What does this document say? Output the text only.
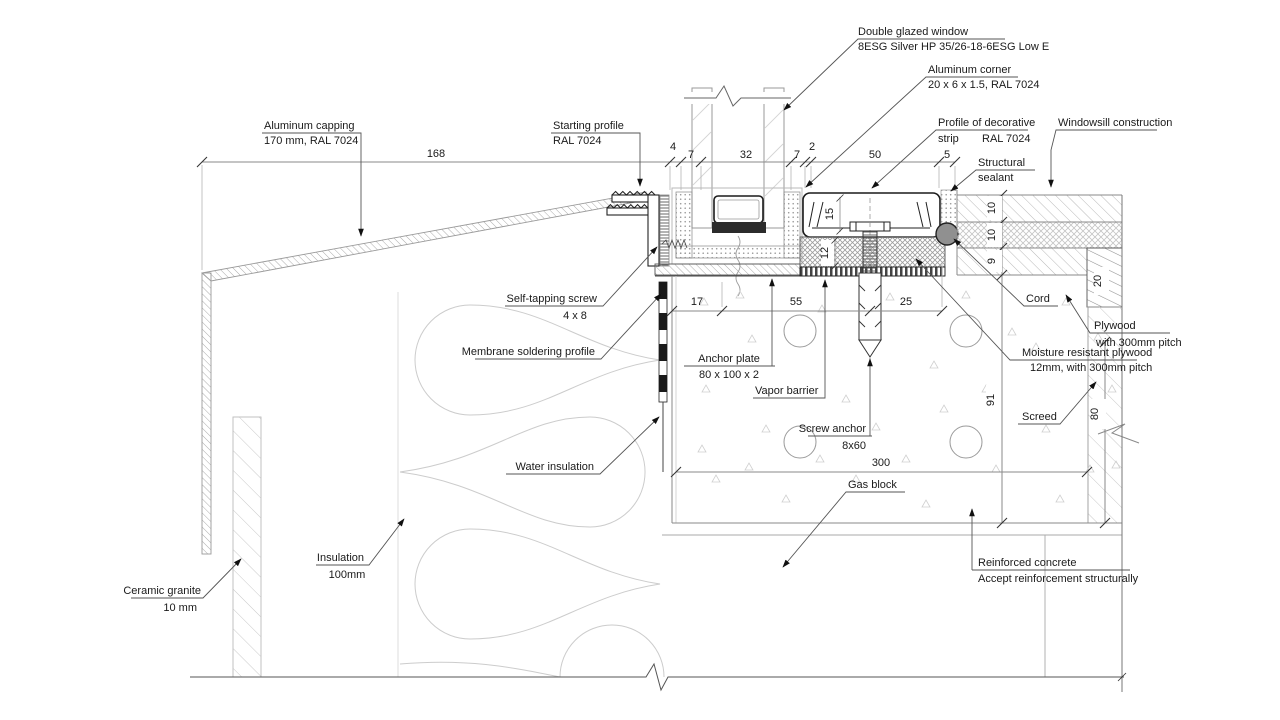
15
12
20
168
4
7	32	7
2
50	5
17	55	25
300
10
10
9
91
80
Double glazed window
8ESG Silver HP 35/26-18-6ESG Low E
Aluminum corner
20 x 6 x 1.5, RAL 7024
Profile of decorative
strip RAL 7024
Windowsill construction
Structural
sealant
Aluminum capping
170 mm, RAL 7024
Starting profile
RAL 7024
Self-tapping screw
4 x 8
Membrane soldering profile
Water insulation
Anchor plate
80 x 100 x 2
Vapor barrier
Screw anchor
8x60
Cord
Plywood
with 300mm pitch
Moisture resistant plywood
12mm, with 300mm pitch
Screed
Gas block
Insulation
100mm
Ceramic granite
10 mm
Reinforced concrete
Accept reinforcement structurally
